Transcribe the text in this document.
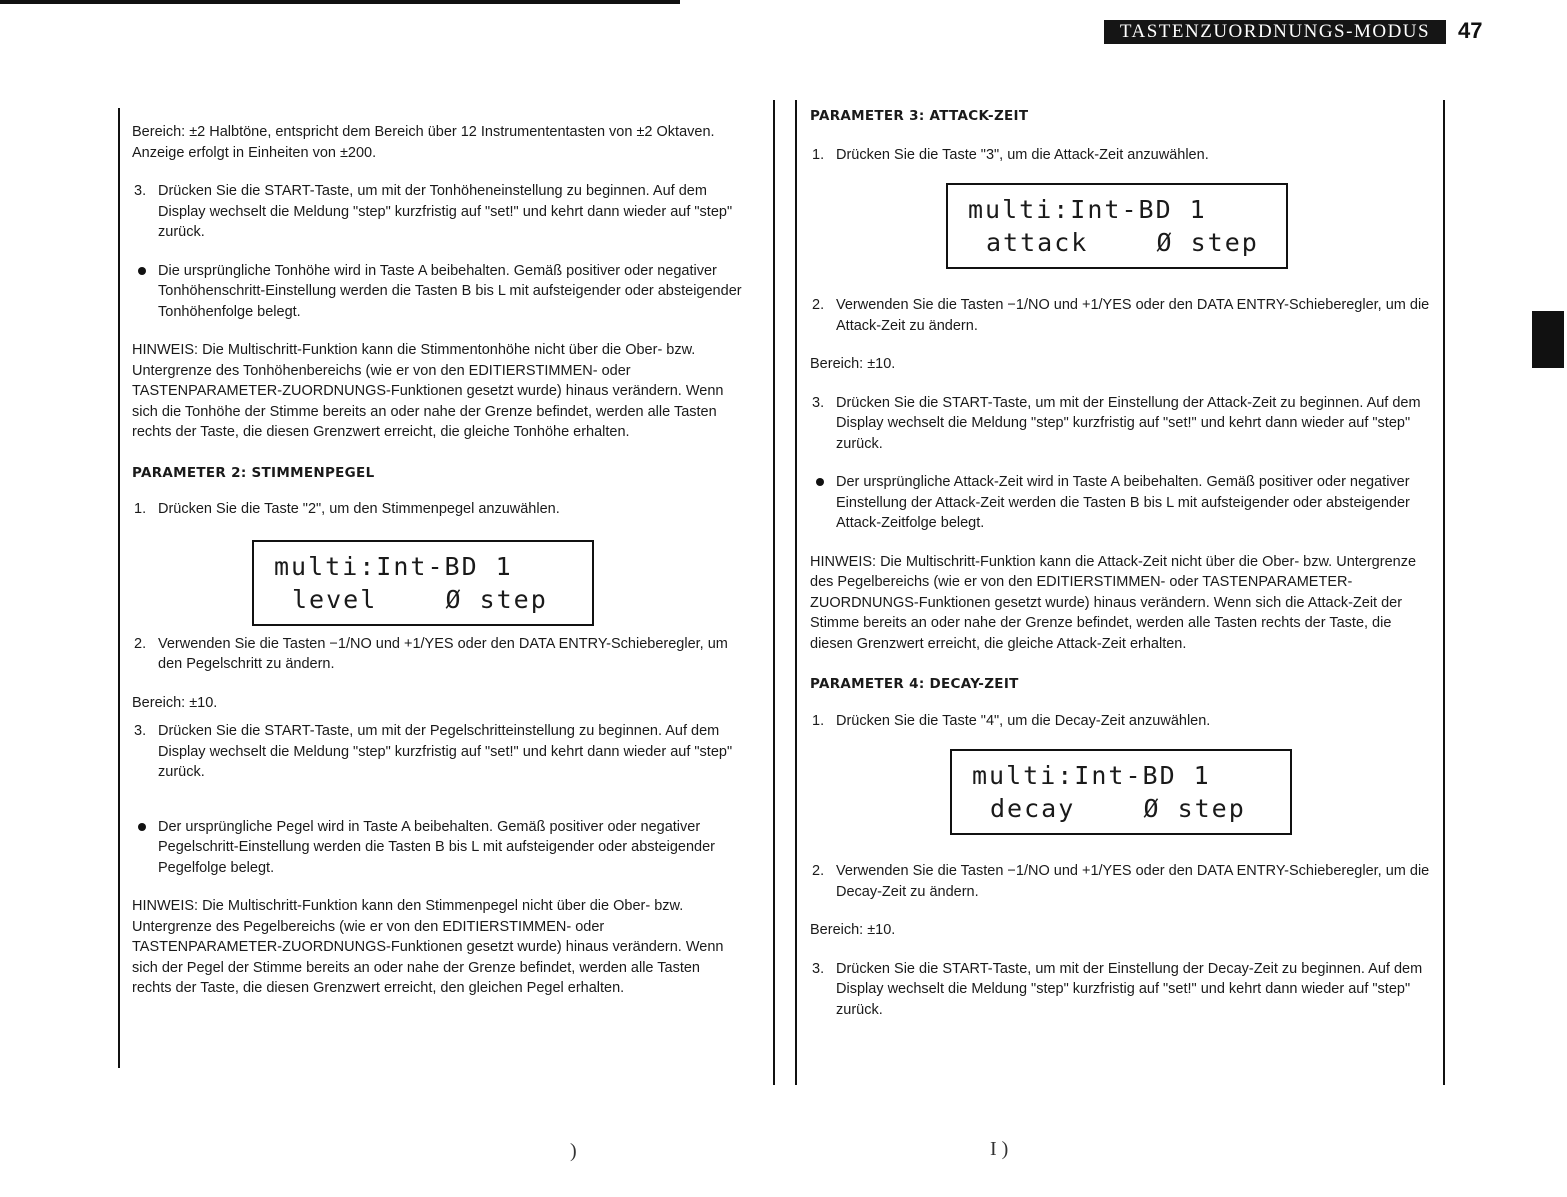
TASTENZUORDNUNGS-MODUS	47

Bereich: ±2 Halbtöne, entspricht dem Bereich über 12 Instrumententasten von ±2 Oktaven. Anzeige erfolgt in Einheiten von ±200.

3. Drücken Sie die START-Taste, um mit der Tonhöheneinstellung zu beginnen. Auf dem Display wechselt die Meldung "step" kurzfristig auf "set!" und kehrt dann wieder auf "step" zurück.

Die ursprüngliche Tonhöhe wird in Taste A beibehalten. Gemäß positiver oder negativer Tonhöhenschritt-Einstellung werden die Tasten B bis L mit aufsteigender oder absteigender Tonhöhenfolge belegt.

HINWEIS: Die Multischritt-Funktion kann die Stimmentonhöhe nicht über die Ober- bzw. Untergrenze des Tonhöhenbereichs (wie er von den EDITIERSTIMMEN- oder TASTENPARAMETER-ZUORDNUNGS-Funktionen gesetzt wurde) hinaus verändern. Wenn sich die Tonhöhe der Stimme bereits an oder nahe der Grenze befindet, werden alle Tasten rechts der Taste, die diesen Grenzwert erreicht, die gleiche Tonhöhe erhalten.

PARAMETER 2: STIMMENPEGEL

1. Drücken Sie die Taste "2", um den Stimmenpegel anzuwählen.

multi:Int-BD 1
level    Ø step

2. Verwenden Sie die Tasten −1/NO und +1/YES oder den DATA ENTRY-Schieberegler, um den Pegelschritt zu ändern.

Bereich: ±10.

3. Drücken Sie die START-Taste, um mit der Pegelschritteinstellung zu beginnen. Auf dem Display wechselt die Meldung "step" kurzfristig auf "set!" und kehrt dann wieder auf "step" zurück.

Der ursprüngliche Pegel wird in Taste A beibehalten. Gemäß positiver oder negativer Pegelschritt-Einstellung werden die Tasten B bis L mit aufsteigender oder absteigender Pegelfolge belegt.

HINWEIS: Die Multischritt-Funktion kann den Stimmenpegel nicht über die Ober- bzw. Untergrenze des Pegelbereichs (wie er von den EDITIERSTIMMEN- oder TASTENPARAMETER-ZUORDNUNGS-Funktionen gesetzt wurde) hinaus verändern. Wenn sich der Pegel der Stimme bereits an oder nahe der Grenze befindet, werden alle Tasten rechts der Taste, die diesen Grenzwert erreicht, den gleichen Pegel erhalten.

PARAMETER 3: ATTACK-ZEIT

1. Drücken Sie die Taste "3", um die Attack-Zeit anzuwählen.

multi:Int-BD 1
attack    Ø step

2. Verwenden Sie die Tasten −1/NO und +1/YES oder den DATA ENTRY-Schieberegler, um die Attack-Zeit zu ändern.

Bereich: ±10.

3. Drücken Sie die START-Taste, um mit der Einstellung der Attack-Zeit zu beginnen. Auf dem Display wechselt die Meldung "step" kurzfristig auf "set!" und kehrt dann wieder auf "step" zurück.

Der ursprüngliche Attack-Zeit wird in Taste A beibehalten. Gemäß positiver oder negativer Einstellung der Attack-Zeit werden die Tasten B bis L mit aufsteigender oder absteigender Attack-Zeitfolge belegt.

HINWEIS: Die Multischritt-Funktion kann die Attack-Zeit nicht über die Ober- bzw. Untergrenze des Pegelbereichs (wie er von den EDITIERSTIMMEN- oder TASTENPARAMETER-ZUORDNUNGS-Funktionen gesetzt wurde) hinaus verändern. Wenn sich die Attack-Zeit der Stimme bereits an oder nahe der Grenze befindet, werden alle Tasten rechts der Taste, die diesen Grenzwert erreicht, die gleiche Attack-Zeit erhalten.

PARAMETER 4: DECAY-ZEIT

1. Drücken Sie die Taste "4", um die Decay-Zeit anzuwählen.

multi:Int-BD 1
decay    Ø step

2. Verwenden Sie die Tasten −1/NO und +1/YES oder den DATA ENTRY-Schieberegler, um die Decay-Zeit zu ändern.

Bereich: ±10.

3. Drücken Sie die START-Taste, um mit der Einstellung der Decay-Zeit zu beginnen. Auf dem Display wechselt die Meldung "step" kurzfristig auf "set!" und kehrt dann wieder auf "step" zurück.

)	I )
